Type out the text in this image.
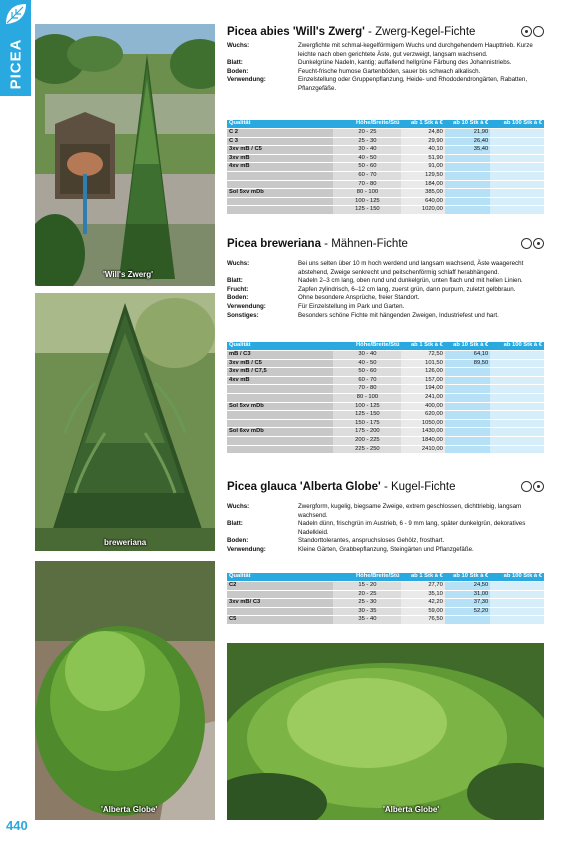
PICEA
440
'Will's Zwerg'
breweriana
'Alberta Globe'	'Alberta Globe'
Picea abies 'Will's Zwerg' - Zwerg-Kegel-Fichte
Wuchs:	Zwergfichte mit schmal-kegelförmigem Wuchs und durchgehendem Haupttrieb. Kurze leichte nach oben gerichtete Äste, gut verzweigt, langsam wachsend.
Blatt:	Dunkelgrüne Nadeln, kantig; auffallend hellgrüne Färbung des Johannistriebs.
Boden:	Feucht-frische humose Gartenböden, sauer bis schwach alkalisch.
Verwendung:	Einzelstellung oder Gruppenpflanzung, Heide- und Rhododendrongärten, Rabatten, Pflanzgefäße.
Qualität	Höhe/Breite/Stü	ab 1 Stk à €	ab 10 Stk à €	ab 100 Stk à €
C 2	20 - 25	24,80	21,90	
C 3	25 - 30	29,90	26,40	
3xv mB / C5	30 - 40	40,10	35,40	
3xv mB	40 - 50	51,90		
4xv mB	50 - 60	91,00		
	60 - 70	129,50		
	70 - 80	184,00		
Sol 5xv mDb	80 - 100	385,00		
	100 - 125	640,00		
	125 - 150	1020,00		
Picea breweriana - Mähnen-Fichte
Wuchs:	Bei uns selten über 10 m hoch werdend und langsam wachsend, Äste waagerecht abstehend, Zweige senkrecht und peitschenförmig schlaff herabhängend.
Blatt:	Nadeln 2–3 cm lang, oben rund und dunkelgrün, unten flach und mit hellen Linien.
Frucht:	Zapfen zylindrisch, 6–12 cm lang, zuerst grün, dann purpurn, zuletzt gelbbraun.
Boden:	Ohne besondere Ansprüche, freier Standort.
Verwendung:	Für Einzelstellung im Park und Garten.
Sonstiges:	Besonders schöne Fichte mit hängenden Zweigen, Industriefest und hart.
Qualität	Höhe/Breite/Stü	ab 1 Stk à €	ab 10 Stk à €	ab 100 Stk à €
mB / C3	30 - 40	72,50	64,10	
3xv mB / C5	40 - 50	101,50	89,50	
3xv mB / C7,5	50 - 60	126,00		
4xv mB	60 - 70	157,00		
	70 - 80	194,00		
	80 - 100	241,00		
Sol 5xv mDb	100 - 125	400,00		
	125 - 150	620,00		
	150 - 175	1050,00		
Sol 6xv mDb	175 - 200	1430,00		
	200 - 225	1840,00		
	225 - 250	2410,00		
Picea glauca 'Alberta Globe' - Kugel-Fichte
Wuchs:	Zwergform, kugelig, biegsame Zweige, extrem geschlossen, dichttriebig, langsam wachsend.
Blatt:	Nadeln dünn, frischgrün im Austrieb, 6 - 9 mm lang, später dunkelgrün, dekoratives Nadelkleid.
Boden:	Standorttolerantes, anspruchsloses Gehölz, frosthart.
Verwendung:	Kleine Gärten, Grabbepflanzung, Steingärten und Pflanzgefäße.
Qualität	Höhe/Breite/Stü	ab 1 Stk à €	ab 10 Stk à €	ab 100 Stk à €
C2	15 - 20	27,70	24,50	
	20 - 25	35,10	31,00	
3xv mB/ C3	25 - 30	42,20	37,30	
	30 - 35	59,00	52,20	
C5	35 - 40	76,50		
